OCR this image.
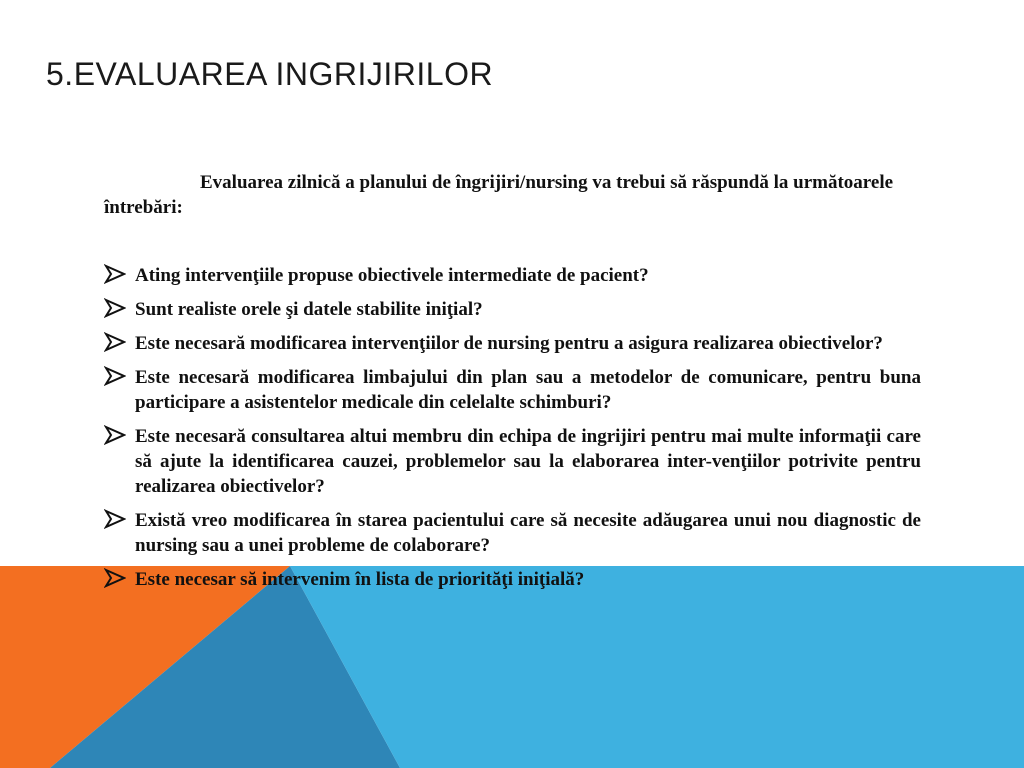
5.EVALUAREA INGRIJIRILOR

Evaluarea zilnică a planului de îngrijiri/nursing va trebui să răspundă la următoarele întrebări:

Ating intervenţiile propuse obiectivele intermediate de pacient?
Sunt realiste orele şi datele stabilite iniţial?
Este necesară modificarea intervenţiilor de nursing pentru a asigura realizarea obiectivelor?
Este necesară modificarea limbajului din plan sau a metodelor de comunicare, pentru buna participare a asistentelor medicale din celelalte schimburi?
Este necesară consultarea altui membru din echipa de ingrijiri pentru mai multe informaţii care să ajute la identificarea cauzei, problemelor sau la elaborarea inter-venţiilor potrivite pentru realizarea obiectivelor?
Există vreo modificarea în starea pacientului care să necesite adăugarea unui nou diagnostic de nursing sau a unei probleme de colaborare?
Este necesar să intervenim în lista de priorităţi iniţială?
